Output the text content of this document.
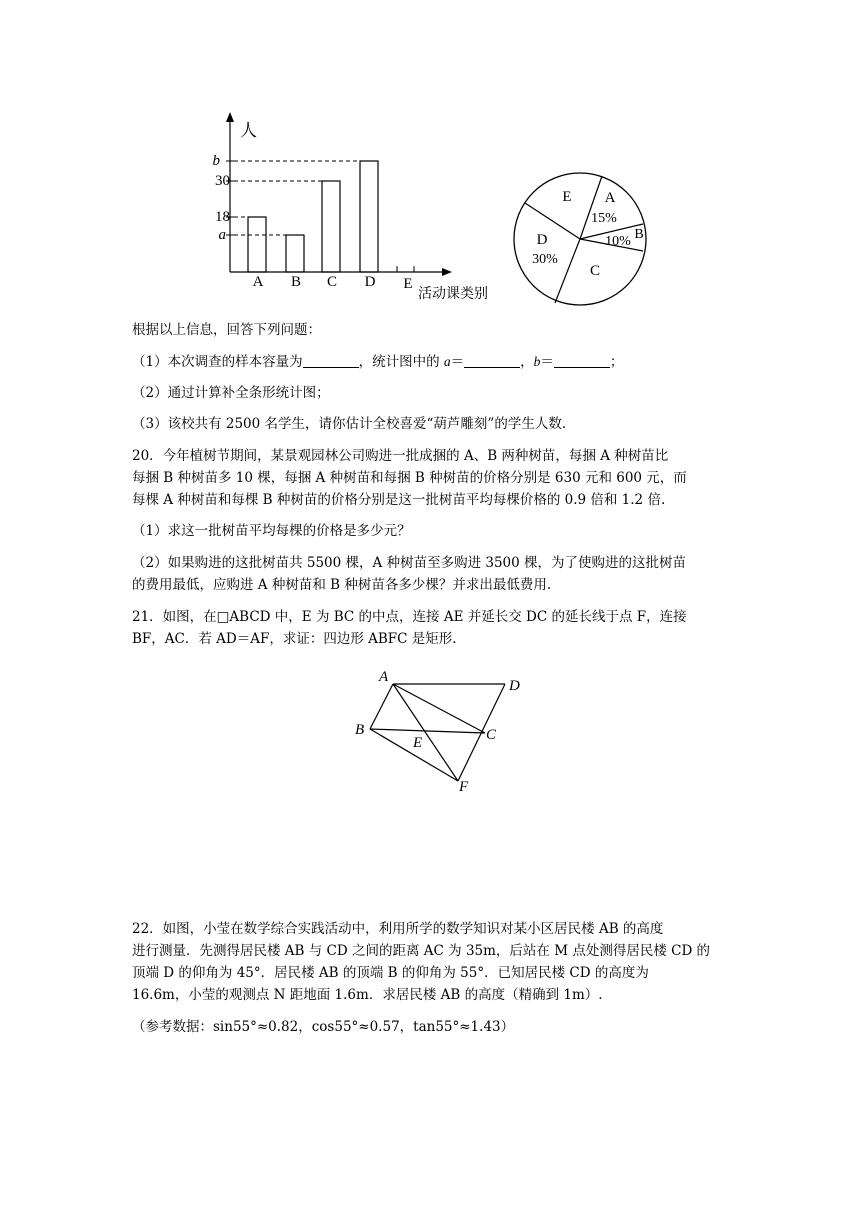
人
活动课类别
b
30
18
a
A B C D E
E A
15%
10% B
D
30%
C
根据以上信息，回答下列问题：
（1）本次调查的样本容量为	，统计图中的 a＝	，b＝	；
（2）通过计算补全条形统计图；
（3）该校共有 2500 名学生，请你估计全校喜爱“葫芦雕刻”的学生人数.
20．今年植树节期间，某景观园林公司购进一批成捆的 A、B 两种树苗，每捆 A 种树苗比
每捆 B 种树苗多 10 棵，每捆 A 种树苗和每捆 B 种树苗的价格分别是 630 元和 600 元，而
每棵 A 种树苗和每棵 B 种树苗的价格分别是这一批树苗平均每棵价格的 0.9 倍和 1.2 倍.
（1）求这一批树苗平均每棵的价格是多少元？
（2）如果购进的这批树苗共 5500 棵，A 种树苗至多购进 3500 棵，为了使购进的这批树苗
的费用最低，应购进 A 种树苗和 B 种树苗各多少棵？并求出最低费用.
21．如图，在□ABCD 中，E 为 BC 的中点，连接 AE 并延长交 DC 的延长线于点 F，连接
BF，AC．若 AD＝AF，求证：四边形 ABFC 是矩形.
A
D
B
E	C
F
22．如图，小莹在数学综合实践活动中，利用所学的数学知识对某小区居民楼 AB 的高度
进行测量．先测得居民楼 AB 与 CD 之间的距离 AC 为 35m，后站在 M 点处测得居民楼 CD 的
顶端 D 的仰角为 45°．居民楼 AB 的顶端 B 的仰角为 55°．已知居民楼 CD 的高度为
16.6m，小莹的观测点 N 距地面 1.6m．求居民楼 AB 的高度（精确到 1m）.
（参考数据：sin55°≈0.82，cos55°≈0.57，tan55°≈1.43）
